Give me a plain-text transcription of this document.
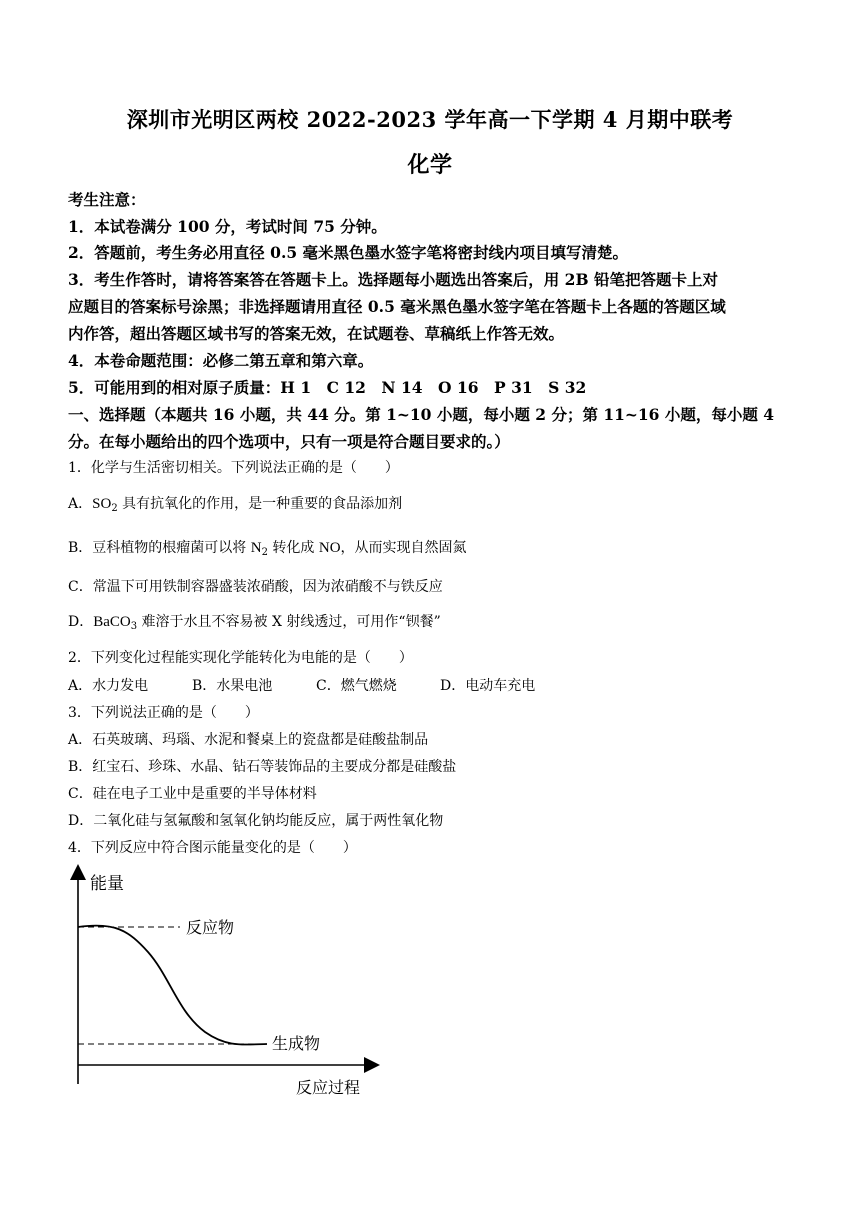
深圳市光明区两校 2022-2023 学年高一下学期 4 月期中联考
化学
考生注意：
1．本试卷满分 100 分，考试时间 75 分钟。
2．答题前，考生务必用直径 0.5 毫米黑色墨水签字笔将密封线内项目填写清楚。
3．考生作答时，请将答案答在答题卡上。选择题每小题选出答案后，用 2B 铅笔把答题卡上对
应题目的答案标号涂黑；非选择题请用直径 0.5 毫米黑色墨水签字笔在答题卡上各题的答题区域
内作答，超出答题区域书写的答案无效，在试题卷、草稿纸上作答无效。
4．本卷命题范围：必修二第五章和第六章。
5．可能用到的相对原子质量：H 1　C 12　N 14　O 16　P 31　S 32
一、选择题（本题共 16 小题，共 44 分。第 1~10 小题，每小题 2 分；第 11~16 小题，每小题 4
分。在每小题给出的四个选项中，只有一项是符合题目要求的。）
1．化学与生活密切相关。下列说法正确的是（　　）
A．$SO_2$ 具有抗氧化的作用，是一种重要的食品添加剂
B．豆科植物的根瘤菌可以将 $N_2$ 转化成 NO，从而实现自然固氮
C．常温下可用铁制容器盛装浓硝酸，因为浓硝酸不与铁反应
D．BaCO$_3$ 难溶于水且不容易被 X 射线透过，可用作“钡餐”
2．下列变化过程能实现化学能转化为电能的是（　　）
A．水力发电	B．水果电池	C．燃气燃烧	D．电动车充电
3．下列说法正确的是（　　）
A．石英玻璃、玛瑙、水泥和餐桌上的瓷盘都是硅酸盐制品
B．红宝石、珍珠、水晶、钻石等装饰品的主要成分都是硅酸盐
C．硅在电子工业中是重要的半导体材料
D．二氧化硅与氢氟酸和氢氧化钠均能反应，属于两性氧化物
4．下列反应中符合图示能量变化的是（　　）
能量
反应过程
反应物
生成物
